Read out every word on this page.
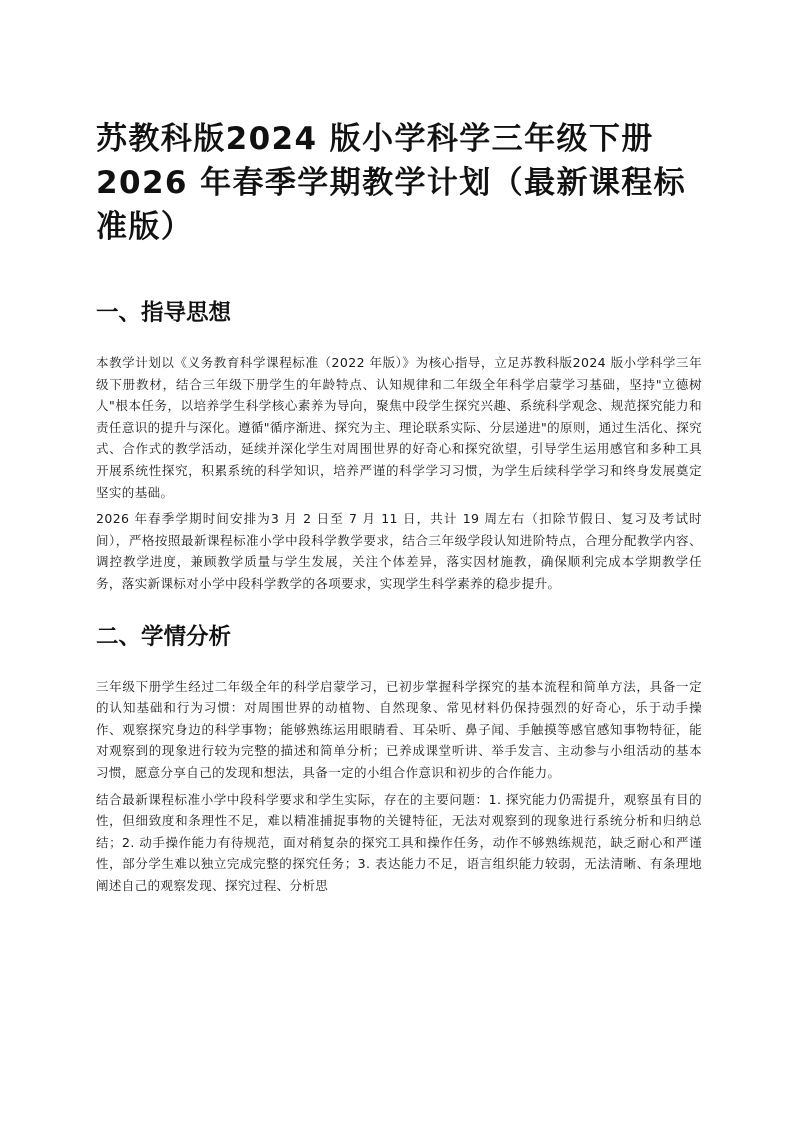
苏教科版2024 版小学科学三年级下册2026 年春季学期教学计划（最新课程标准版）
一、指导思想

本教学计划以《义务教育科学课程标准（2022 年版）》为核心指导，立足苏教科版2024 版小学科学三年级下册教材，结合三年级下册学生的年龄特点、认知规律和二年级全年科学启蒙学习基础，坚持"立德树人"根本任务，以培养学生科学核心素养为导向，聚焦中段学生探究兴趣、系统科学观念、规范探究能力和责任意识的提升与深化。遵循"循序渐进、探究为主、理论联系实际、分层递进"的原则，通过生活化、探究式、合作式的教学活动，延续并深化学生对周围世界的好奇心和探究欲望，引导学生运用感官和多种工具开展系统性探究，积累系统的科学知识，培养严谨的科学学习习惯，为学生后续科学学习和终身发展奠定坚实的基础。

2026 年春季学期时间安排为3 月 2 日至 7 月 11 日，共计 19 周左右（扣除节假日、复习及考试时间），严格按照最新课程标准小学中段科学教学要求，结合三年级学段认知进阶特点，合理分配教学内容、调控教学进度，兼顾教学质量与学生发展，关注个体差异，落实因材施教，确保顺利完成本学期教学任务，落实新课标对小学中段科学教学的各项要求，实现学生科学素养的稳步提升。

二、学情分析

三年级下册学生经过二年级全年的科学启蒙学习，已初步掌握科学探究的基本流程和简单方法，具备一定的认知基础和行为习惯：对周围世界的动植物、自然现象、常见材料仍保持强烈的好奇心，乐于动手操作、观察探究身边的科学事物；能够熟练运用眼睛看、耳朵听、鼻子闻、手触摸等感官感知事物特征，能对观察到的现象进行较为完整的描述和简单分析；已养成课堂听讲、举手发言、主动参与小组活动的基本习惯，愿意分享自己的发现和想法，具备一定的小组合作意识和初步的合作能力。

结合最新课程标准小学中段科学要求和学生实际，存在的主要问题：1. 探究能力仍需提升，观察虽有目的性，但细致度和条理性不足，难以精准捕捉事物的关键特征，无法对观察到的现象进行系统分析和归纳总结；2. 动手操作能力有待规范，面对稍复杂的探究工具和操作任务，动作不够熟练规范，缺乏耐心和严谨性，部分学生难以独立完成完整的探究任务；3. 表达能力不足，语言组织能力较弱，无法清晰、有条理地阐述自己的观察发现、探究过程、分析思
